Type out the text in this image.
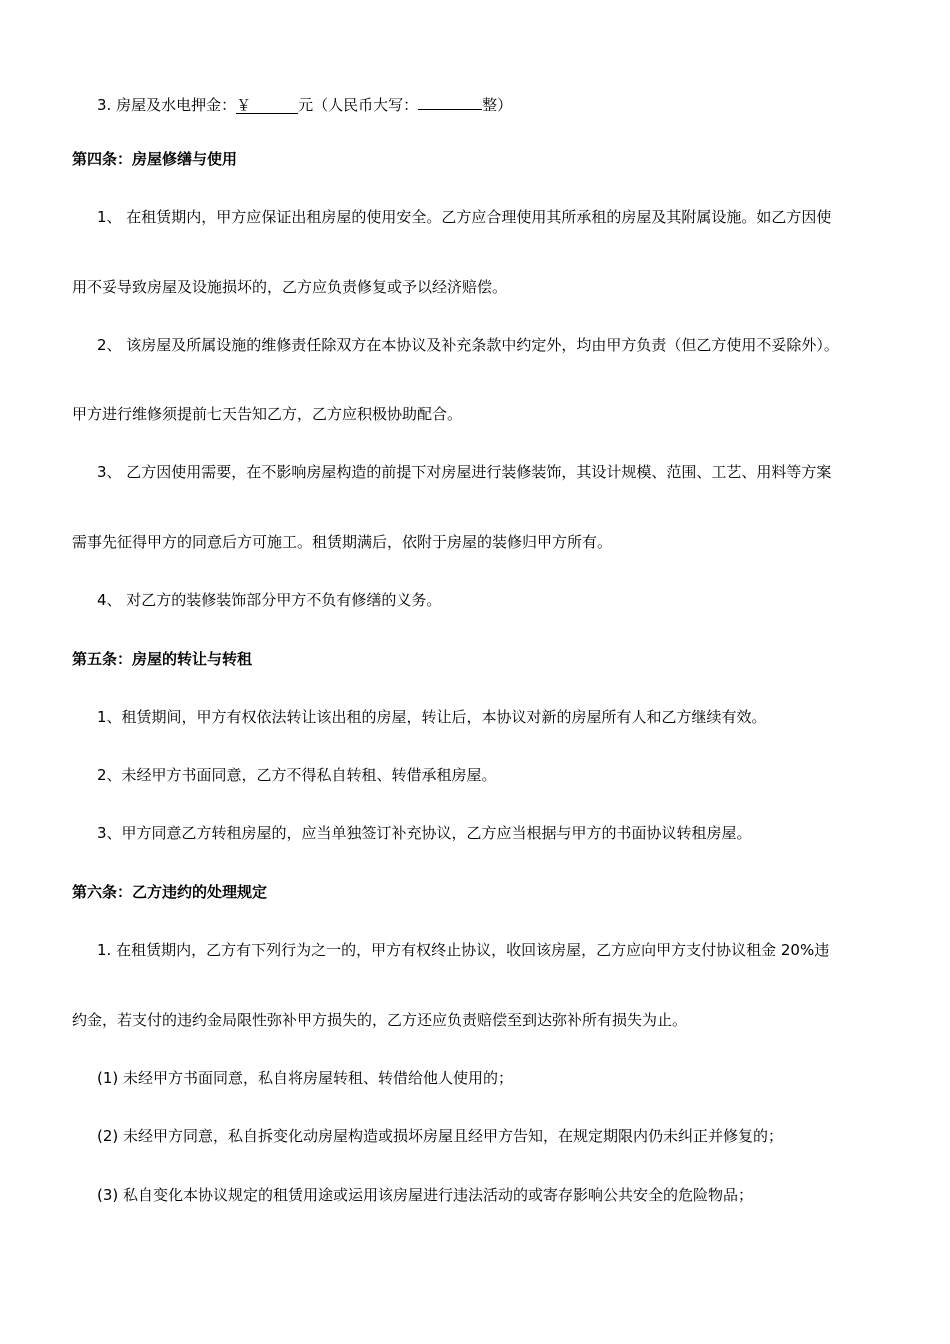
3. 房屋及水电押金：￥	元（人民币大写：	整）
第四条：房屋修缮与使用
1、 在租赁期内，甲方应保证出租房屋的使用安全。乙方应合理使用其所承租的房屋及其附属设施。如乙方因使
用不妥导致房屋及设施损坏的，乙方应负责修复或予以经济赔偿。
2、 该房屋及所属设施的维修责任除双方在本协议及补充条款中约定外，均由甲方负责（但乙方使用不妥除外）。
甲方进行维修须提前七天告知乙方，乙方应积极协助配合。
3、 乙方因使用需要，在不影响房屋构造的前提下对房屋进行装修装饰，其设计规模、范围、工艺、用料等方案
需事先征得甲方的同意后方可施工。租赁期满后，依附于房屋的装修归甲方所有。
4、 对乙方的装修装饰部分甲方不负有修缮的义务。
第五条：房屋的转让与转租
1、租赁期间，甲方有权依法转让该出租的房屋，转让后，本协议对新的房屋所有人和乙方继续有效。
2、未经甲方书面同意，乙方不得私自转租、转借承租房屋。
3、甲方同意乙方转租房屋的，应当单独签订补充协议，乙方应当根据与甲方的书面协议转租房屋。
第六条：乙方违约的处理规定
1. 在租赁期内，乙方有下列行为之一的，甲方有权终止协议，收回该房屋，乙方应向甲方支付协议租金 20%违
约金，若支付的违约金局限性弥补甲方损失的，乙方还应负责赔偿至到达弥补所有损失为止。
(1) 未经甲方书面同意，私自将房屋转租、转借给他人使用的；
(2) 未经甲方同意，私自拆变化动房屋构造或损坏房屋且经甲方告知，在规定期限内仍未纠正并修复的；
(3) 私自变化本协议规定的租赁用途或运用该房屋进行违法活动的或寄存影响公共安全的危险物品；
